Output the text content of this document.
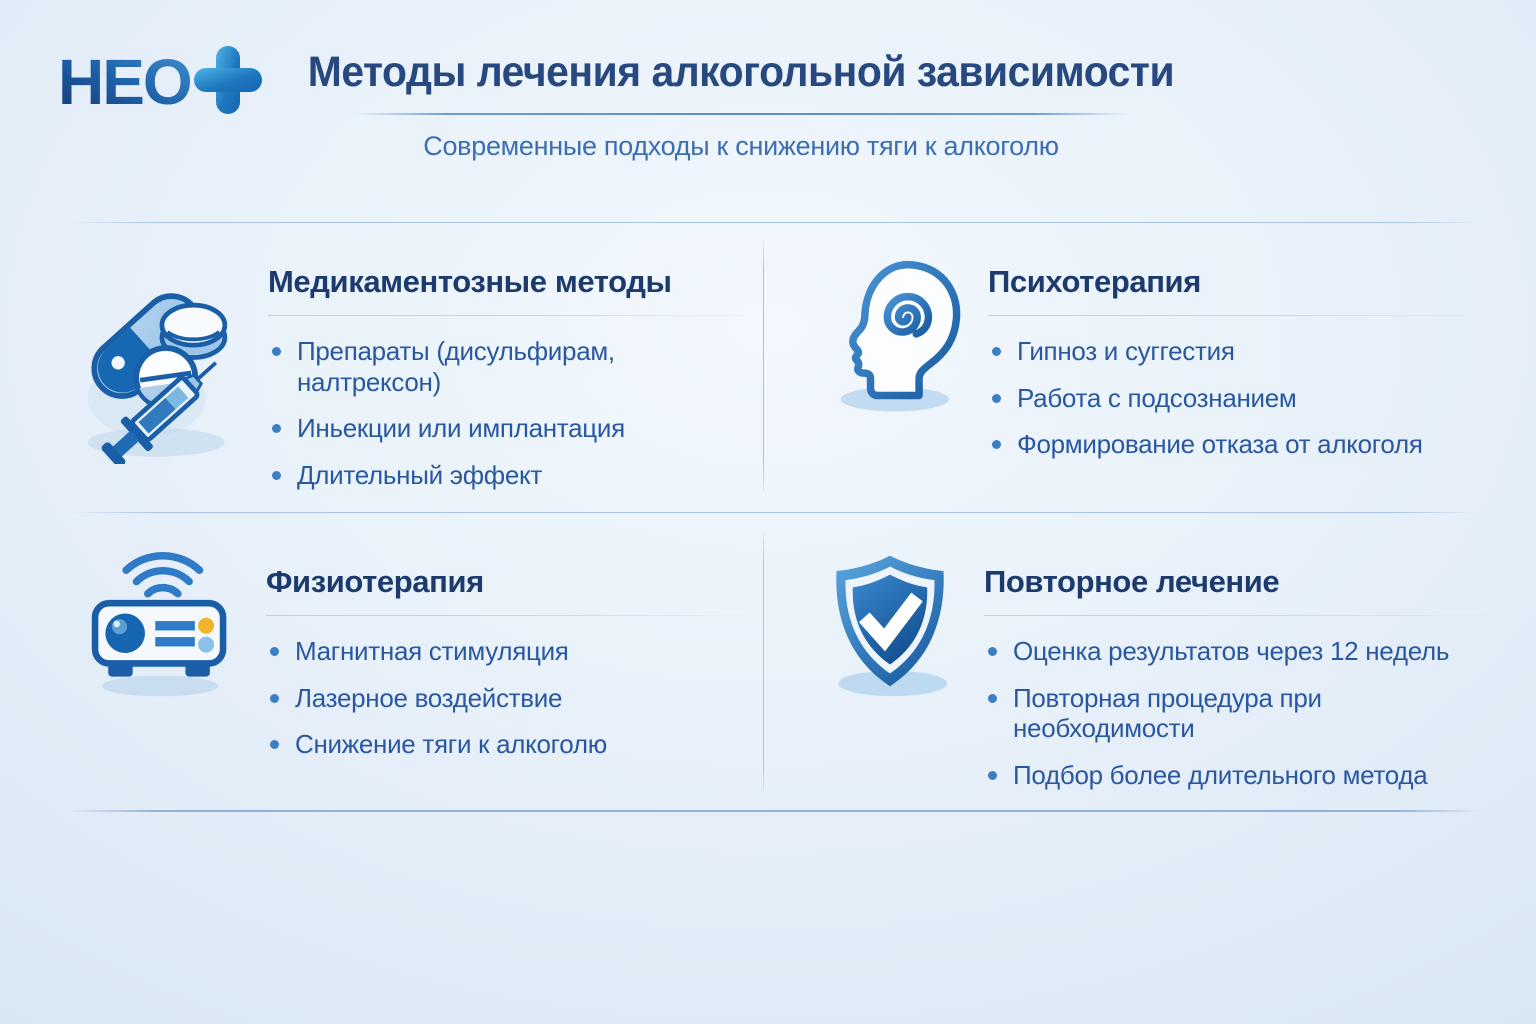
НЕО	Методы лечения алкогольной зависимости
Современные подходы к снижению тяги к алкоголю
Медикаментозные методы
Препараты (дисульфирам, налтрексон)
Иньекции или имплантация
Длительный эффект
Психотерапия
Гипноз и суггестия
Работа с подсознанием
Формирование отказа от алкоголя
Физиотерапия
Магнитная стимуляция
Лазерное воздействие
Снижение тяги к алкоголю
Повторное лечение
Оценка результатов через 12 недель
Повторная процедура при необходимости
Подбор более длительного метода
